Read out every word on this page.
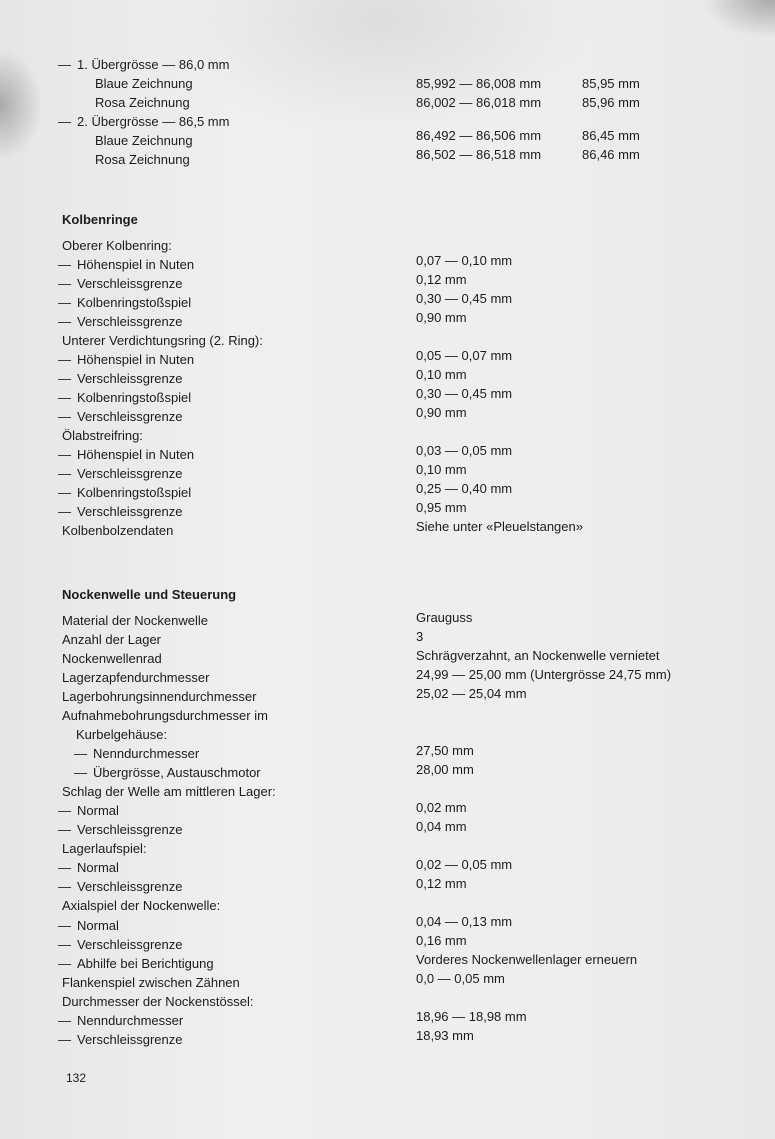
— 1. Übergrösse — 86,0 mm
Blaue Zeichnung	85,992 — 86,008 mm	85,95 mm
Rosa Zeichnung	86,002 — 86,018 mm	85,96 mm
— 2. Übergrösse — 86,5 mm
Blaue Zeichnung	86,492 — 86,506 mm	86,45 mm
Rosa Zeichnung	86,502 — 86,518 mm	86,46 mm
Kolbenringe
Oberer Kolbenring:
— Höhenspiel in Nuten	0,07 — 0,10 mm
— Verschleissgrenze	0,12 mm
— Kolbenringstoßspiel	0,30 — 0,45 mm
— Verschleissgrenze	0,90 mm
Unterer Verdichtungsring (2. Ring):
— Höhenspiel in Nuten	0,05 — 0,07 mm
— Verschleissgrenze	0,10 mm
— Kolbenringstoßspiel	0,30 — 0,45 mm
— Verschleissgrenze	0,90 mm
Ölabstreifring:
— Höhenspiel in Nuten	0,03 — 0,05 mm
— Verschleissgrenze	0,10 mm
— Kolbenringstoßspiel	0,25 — 0,40 mm
— Verschleissgrenze	0,95 mm
Kolbenbolzendaten	Siehe unter «Pleuelstangen»
Nockenwelle und Steuerung
Material der Nockenwelle	Grauguss
Anzahl der Lager	3
Nockenwellenrad	Schrägverzahnt, an Nockenwelle vernietet
Lagerzapfendurchmesser	24,99 — 25,00 mm (Untergrösse 24,75 mm)
Lagerbohrungsinnendurchmesser	25,02 — 25,04 mm
Aufnahmebohrungsdurchmesser im
Kurbelgehäuse:
— Nenndurchmesser	27,50 mm
— Übergrösse, Austauschmotor	28,00 mm
Schlag der Welle am mittleren Lager:
— Normal	0,02 mm
— Verschleissgrenze	0,04 mm
Lagerlaufspiel:
— Normal	0,02 — 0,05 mm
— Verschleissgrenze	0,12 mm
Axialspiel der Nockenwelle:
— Normal	0,04 — 0,13 mm
— Verschleissgrenze	0,16 mm
— Abhilfe bei Berichtigung	Vorderes Nockenwellenlager erneuern
Flankenspiel zwischen Zähnen	0,0 — 0,05 mm
Durchmesser der Nockenstössel:
— Nenndurchmesser	18,96 — 18,98 mm
— Verschleissgrenze	18,93 mm
132
